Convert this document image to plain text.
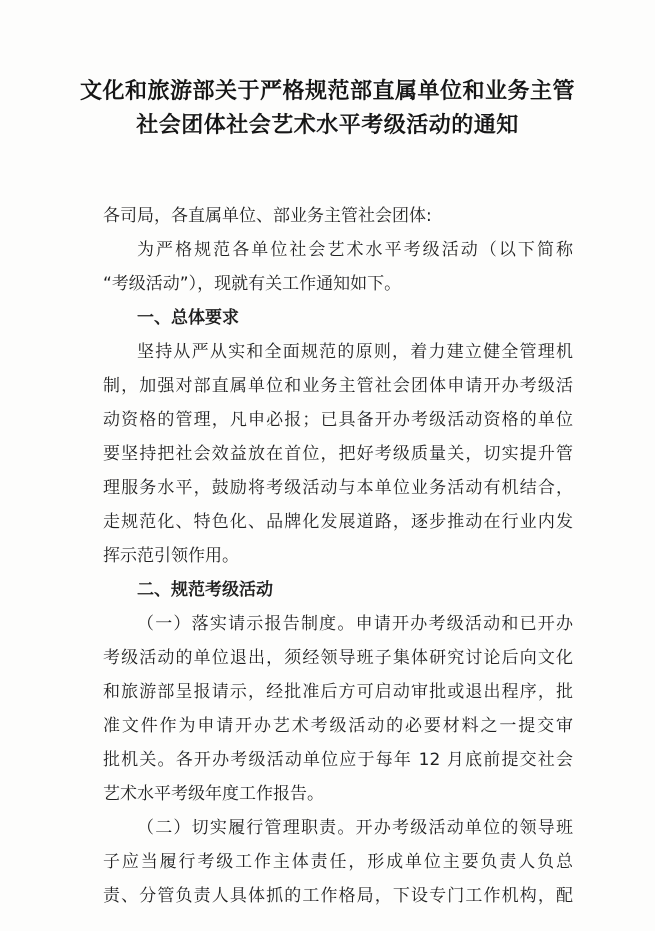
文化和旅游部关于严格规范部直属单位和业务主管
社会团体社会艺术水平考级活动的通知
各司局，各直属单位、部业务主管社会团体:
为严格规范各单位社会艺术水平考级活动（以下简称
“考级活动”），现就有关工作通知如下。
一、总体要求
坚持从严从实和全面规范的原则，着力建立健全管理机
制，加强对部直属单位和业务主管社会团体申请开办考级活
动资格的管理，凡申必报；已具备开办考级活动资格的单位
要坚持把社会效益放在首位，把好考级质量关，切实提升管
理服务水平，鼓励将考级活动与本单位业务活动有机结合，
走规范化、特色化、品牌化发展道路，逐步推动在行业内发
挥示范引领作用。
二、规范考级活动
（一）落实请示报告制度。申请开办考级活动和已开办
考级活动的单位退出，须经领导班子集体研究讨论后向文化
和旅游部呈报请示，经批准后方可启动审批或退出程序，批
准文件作为申请开办艺术考级活动的必要材料之一提交审
批机关。各开办考级活动单位应于每年 12 月底前提交社会
艺术水平考级年度工作报告。
（二）切实履行管理职责。开办考级活动单位的领导班
子应当履行考级工作主体责任，形成单位主要负责人负总
责、分管负责人具体抓的工作格局，下设专门工作机构，配
